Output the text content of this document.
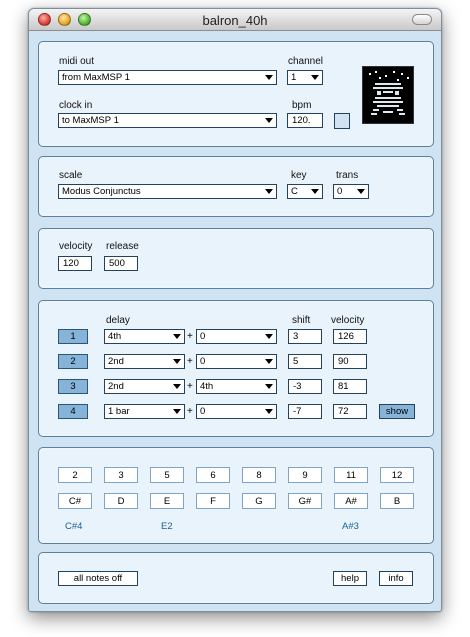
balron_40h
midi out
from MaxMSP 1
channel
1
clock in
to MaxMSP 1
bpm
120.
scale
Modus Conjunctus
key
C
trans
0
velocity
120
release
500
delay	shift velocity
1	4th	+ 0	3	126
2	2nd	+ 0	5	90
3	2nd	+ 4th	-3	81
4	1 bar	+ 0	-7	72	show
2	3	5	6	8	9	11	12
C#	D	E	F	G	G#	A#	B
C#4	E2	A#3
all notes off	help	info
